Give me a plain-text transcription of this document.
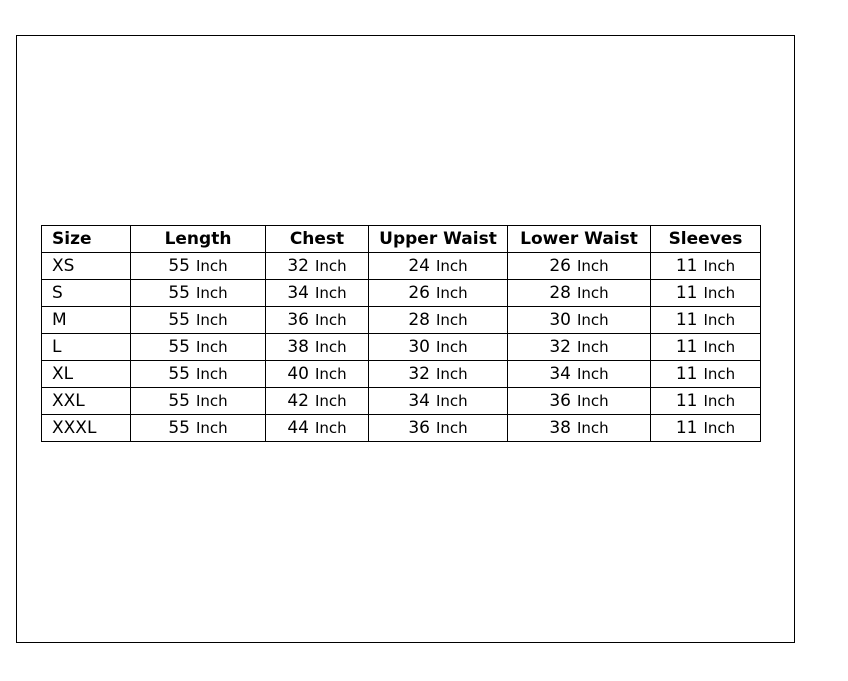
Size	Length	Chest	Upper Waist	Lower Waist	Sleeves
XS	55 Inch	32 Inch	24 Inch	26 Inch	11 Inch
S	55 Inch	34 Inch	26 Inch	28 Inch	11 Inch
M	55 Inch	36 Inch	28 Inch	30 Inch	11 Inch
L	55 Inch	38 Inch	30 Inch	32 Inch	11 Inch
XL	55 Inch	40 Inch	32 Inch	34 Inch	11 Inch
XXL	55 Inch	42 Inch	34 Inch	36 Inch	11 Inch
XXXL	55 Inch	44 Inch	36 Inch	38 Inch	11 Inch
